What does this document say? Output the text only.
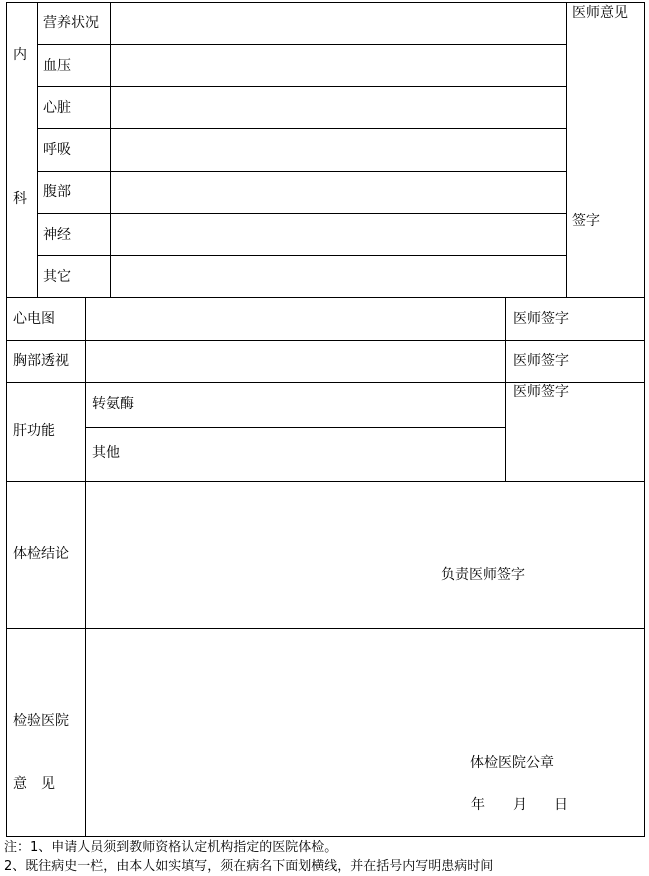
内
科
营养状况
血压
心脏
呼吸
腹部
神经
其它
医师意见
签字
心电图	医师签字
胸部透视	医师签字
肝功能
转氨酶
其他
医师签字
体检结论
负责医师签字
检验医院
意　见
体检医院公章
年 月 日
注：1、申请人员须到教师资格认定机构指定的医院体检。
2、既往病史一栏，由本人如实填写，须在病名下面划横线，并在括号内写明患病时间
